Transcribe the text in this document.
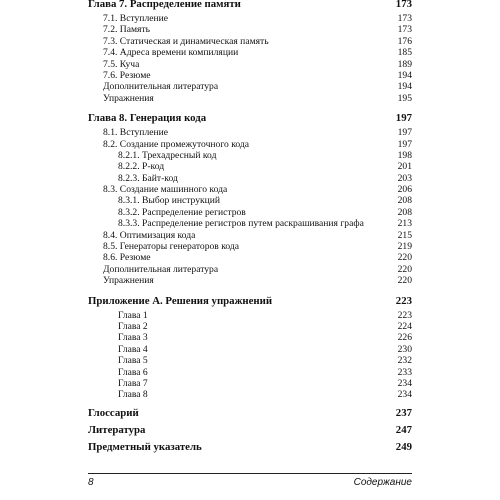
Глава 7. Распределение памяти	173
7.1. Вступление	173
7.2. Память	173
7.3. Статическая и динамическая память	176
7.4. Адреса времени компиляции	185
7.5. Куча	189
7.6. Резюме	194
Дополнительная литература	194
Упражнения	195
Глава 8. Генерация кода	197
8.1. Вступление	197
8.2. Создание промежуточного кода	197
8.2.1. Трехадресный код	198
8.2.2. Р-код	201
8.2.3. Байт-код	203
8.3. Создание машинного кода	206
8.3.1. Выбор инструкций	208
8.3.2. Распределение регистров	208
8.3.3. Распределение регистров путем раскрашивания графа	213
8.4. Оптимизация кода	215
8.5. Генераторы генераторов кода	219
8.6. Резюме	220
Дополнительная литература	220
Упражнения	220
Приложение А. Решения упражнений	223
Глава 1	223
Глава 2	224
Глава 3	226
Глава 4	230
Глава 5	232
Глава 6	233
Глава 7	234
Глава 8	234
Глоссарий	237
Литература	247
Предметный указатель	249
8	Содержание
